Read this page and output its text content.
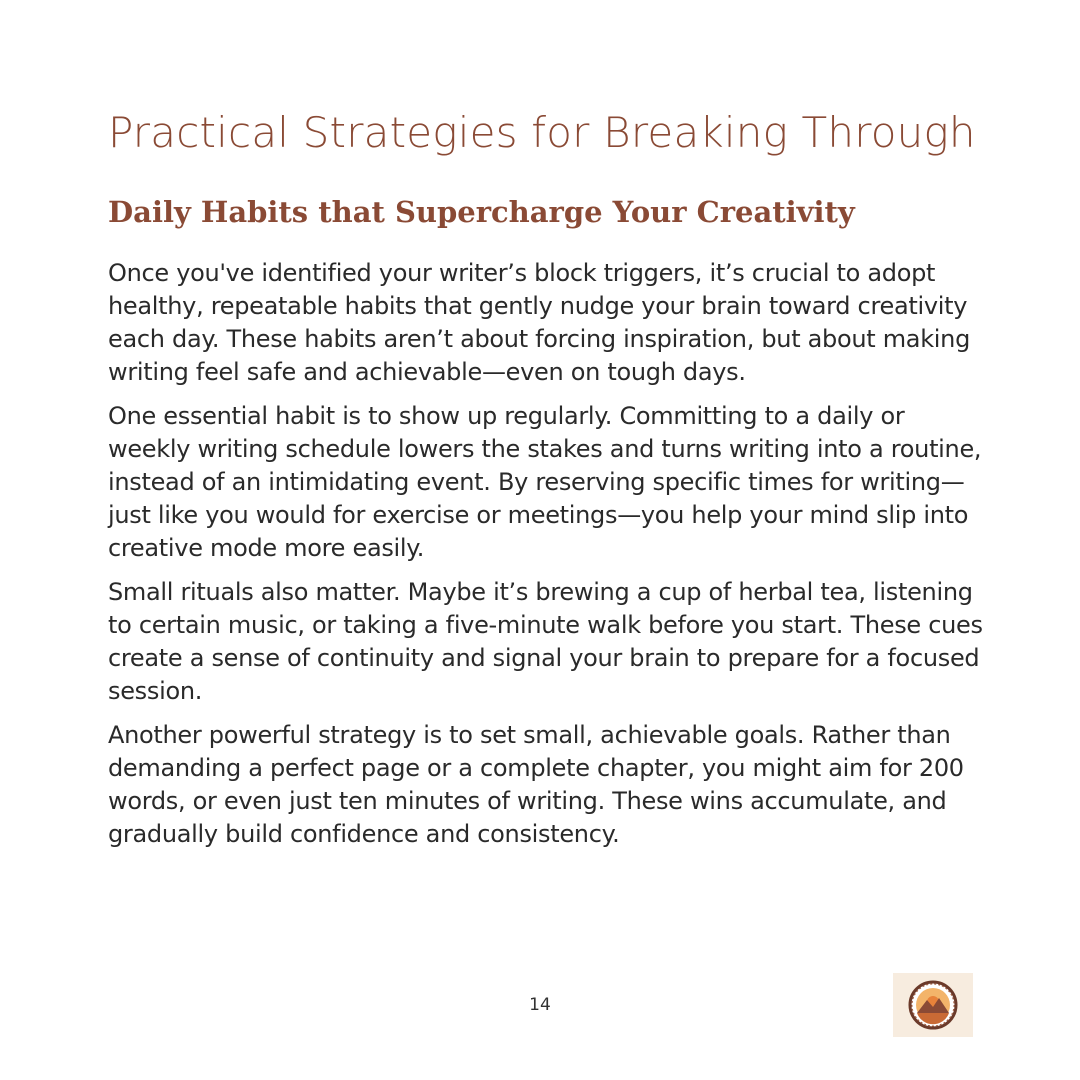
Practical Strategies for Breaking Through
Daily Habits that Supercharge Your Creativity

Once you've identified your writer’s block triggers, it’s crucial to adopt healthy, repeatable habits that gently nudge your brain toward creativity each day. These habits aren’t about forcing inspiration, but about making writing feel safe and achievable—even on tough days.

One essential habit is to show up regularly. Committing to a daily or weekly writing schedule lowers the stakes and turns writing into a routine, instead of an intimidating event. By reserving specific times for writing—just like you would for exercise or meetings—you help your mind slip into creative mode more easily.

Small rituals also matter. Maybe it’s brewing a cup of herbal tea, listening to certain music, or taking a five-minute walk before you start. These cues create a sense of continuity and signal your brain to prepare for a focused session.

Another powerful strategy is to set small, achievable goals. Rather than demanding a perfect page or a complete chapter, you might aim for 200 words, or even just ten minutes of writing. These wins accumulate, and gradually build confidence and consistency.

14
